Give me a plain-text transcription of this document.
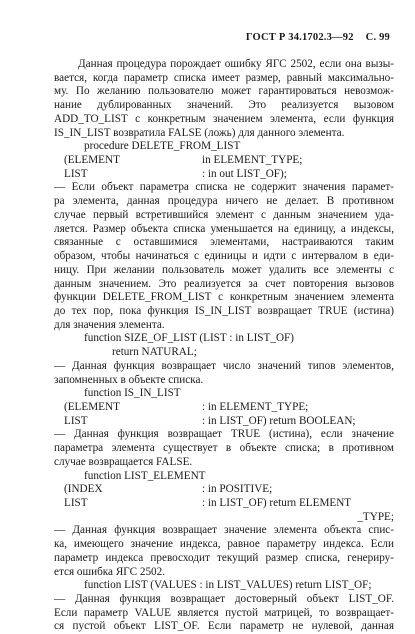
ГОСТ Р 34.1702.3—92 С. 99
Данная процедура порождает ошибку ЯГС 2502, если она вызы-
вается, когда параметр списка имеет размер, равный максимально-
му. По желанию пользователю может гарантироваться невозмож-
нание дублированных значений. Это реализуется вызовом
ADD_TO_LIST с конкретным значением элемента, если функция
IS_IN_LIST возвратила FALSE (ложь) для данного элемента.
procedure DELETE_FROM_LIST
(ELEMENT	in ELEMENT_TYPE;
LIST	: in out LIST_OF);
— Если объект параметра списка не содержит значения парамет-
ра элемента, данная процедура ничего не делает. В противном
случае первый встретившийся элемент с данным значением уда-
ляется. Размер объекта списка уменьшается на единицу, а индексы,
связанные с оставшимися элементами, настраиваются таким
образом, чтобы начинаться с единицы и идти с интервалом в еди-
ницу. При желании пользователь может удалить все элементы с
данным значением. Это реализуется за счет повторения вызовов
функции DELETE_FROM_LIST с конкретным значением элемента
до тех пор, пока функция IS_IN_LIST возвращает TRUE (истина)
для значения элемента.
function SIZE_OF_LIST (LIST : in LIST_OF)
return NATURAL;
— Данная функция возвращает число значений типов элементов,
запомненных в объекте списка.
function IS_IN_LIST
(ELEMENT	: in ELEMENT_TYPE;
LIST	: in LIST_OF) return BOOLEAN;
— Данная функция возвращает TRUE (истина), если значение
параметра элемента существует в объекте списка; в противном
случае возвращается FALSE.
function LIST_ELEMENT
(INDEX	: in POSITIVE;
LIST	: in LIST_OF) return ELEMENT
_TYPE;
— Данная функция возвращает значение элемента объекта спис-
ка, имеющего значение индекса, равное параметру индекса. Если
параметр индекса превосходит текущий размер списка, генериру-
ется ошибка ЯГС 2502.
function LIST (VALUES : in LIST_VALUES) return LIST_OF;
— Данная функция возвращает достоверный объект LIST_OF.
Если параметр VALUE является пустой матрицей, то возвращает-
ся пустой объект LIST_OF. Если параметр не нулевой, данная
